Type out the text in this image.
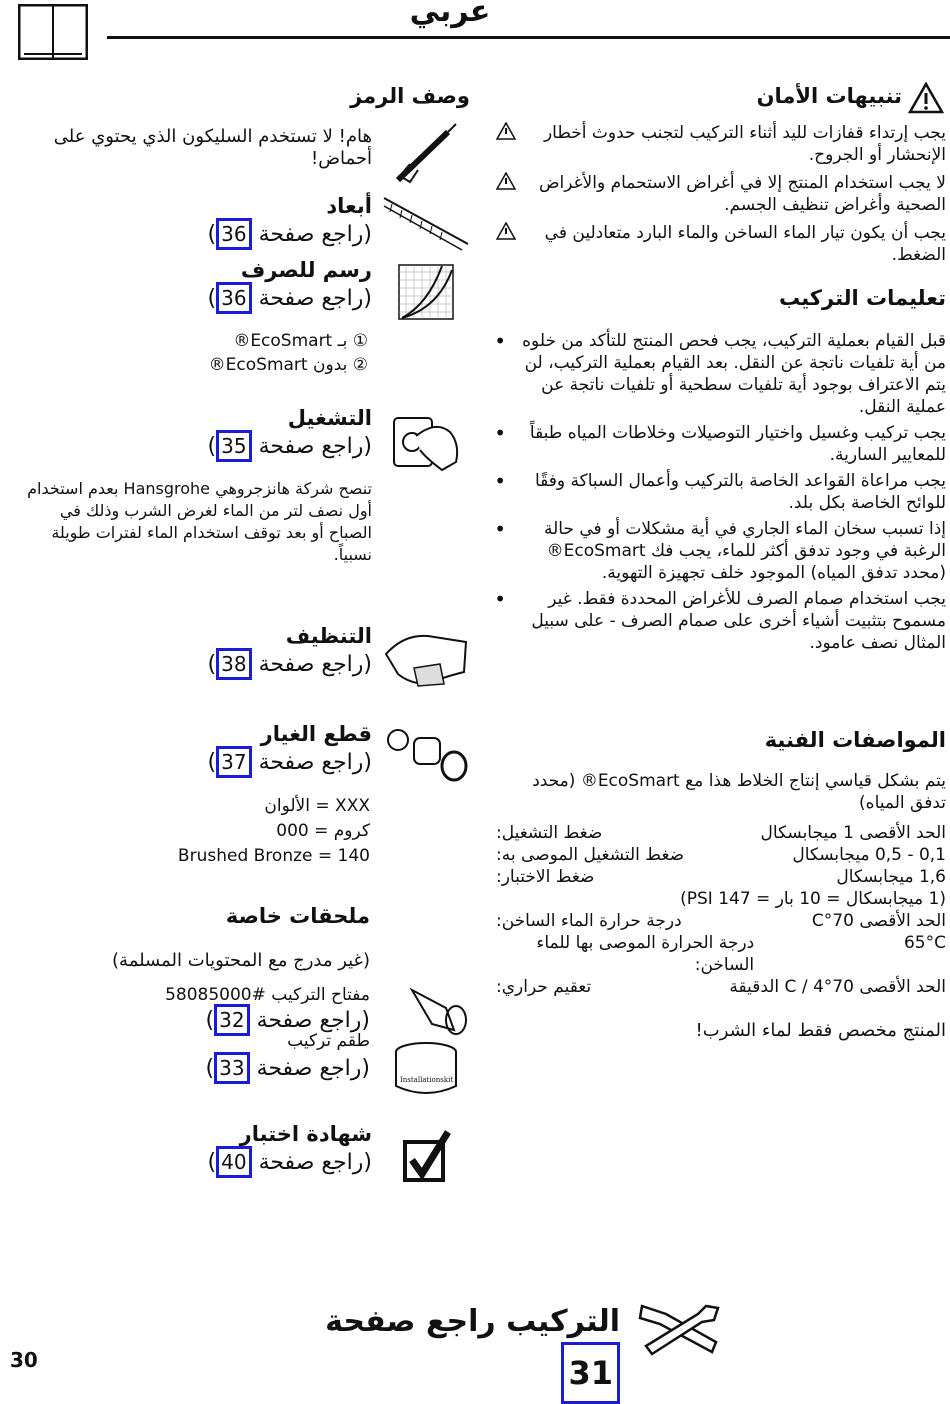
عربي
وصف الرمز
هام! لا تستخدم السليكون الذي يحتوي على أحماض!
أبعاد
(راجع صفحة 36)
رسم للصرف
(راجع صفحة 36)
① بـ EcoSmart®
② بدون EcoSmart®
التشغيل
(راجع صفحة 35)
تنصح شركة هانزجروهي Hansgrohe بعدم استخدام أول نصف لتر من الماء لغرض الشرب وذلك في الصباح أو بعد توقف استخدام الماء لفترات طويلة نسبياً.
التنظيف
(راجع صفحة 38)
قطع الغيار
(راجع صفحة 37)
الألوان = XXX
كروم = 000
Brushed Bronze = 140
ملحقات خاصة
(غير مدرج مع المحتويات المسلمة)
مفتاح التركيب #58085000
(راجع صفحة 32)
طقم تركيب
Installationskit
(راجع صفحة 33)
شهادة اختبار
(راجع صفحة 40)
تنبيهات الأمان
يجب إرتداء قفازات لليد أثناء التركيب لتجنب حدوث أخطار الإنحشار أو الجروح.
لا يجب استخدام المنتج إلا في أغراض الاستحمام والأغراض الصحية وأغراض تنظيف الجسم.
يجب أن يكون تيار الماء الساخن والماء البارد متعادلين في الضغط.
تعليمات التركيب
• قبل القيام بعملية التركيب، يجب فحص المنتج للتأكد من خلوه من أية تلفيات ناتجة عن النقل. بعد القيام بعملية التركيب، لن يتم الاعتراف بوجود أية تلفيات سطحية أو تلفيات ناتجة عن عملية النقل.
•	يجب تركيب وغسيل واختيار التوصيلات وخلاطات المياه طبقاً للمعايير السارية.
•	يجب مراعاة القواعد الخاصة بالتركيب وأعمال السباكة وفقًا للوائح الخاصة بكل بلد.
•	إذا تسبب سخان الماء الجاري في أية مشكلات أو في حالة الرغبة في وجود تدفق أكثر للماء، يجب فك EcoSmart® (محدد تدفق المياه) الموجود خلف تجهيزة التهوية.
•	يجب استخدام صمام الصرف للأغراض المحددة فقط. غير مسموح بتثبيت أشياء أخرى على صمام الصرف - على سبيل المثال نصف عامود.
المواصفات الفنية
يتم بشكل قياسي إنتاج الخلاط هذا مع EcoSmart® (محدد تدفق المياه)
ضغط التشغيل:	الحد الأقصى 1 ميجابسكال
ضغط التشغيل الموصى به:	0,1 - 0,5 ميجابسكال
ضغط الاختبار:	1,6 ميجابسكال
(1 ميجابسكال = 10 بار = 147 PSI)
درجة حرارة الماء الساخن:	الحد الأقصى 70°C
درجة الحرارة الموصى بها للماء الساخن:
65°C
تعقيم حراري:	الحد الأقصى 70°C / 4 الدقيقة
المنتج مخصص فقط لماء الشرب!
التركيب راجع صفحة 31
30
